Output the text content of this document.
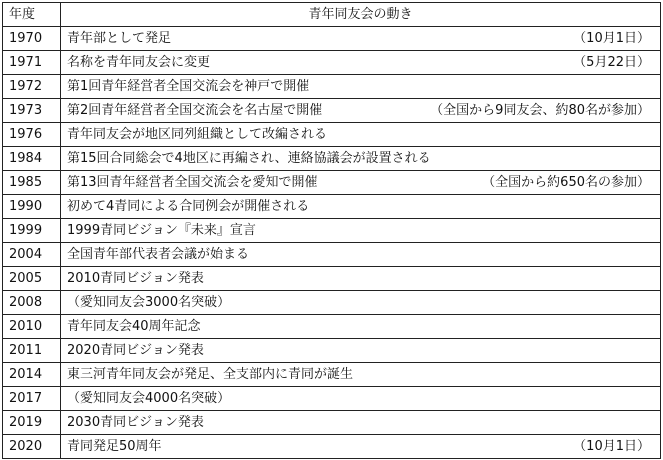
年度	青年同友会の動き
1970	青年部として発足 （10月1日）

1971	名称を青年同友会に変更 （5月22日）

1972	第1回青年経営者全国交流会を神戸で開催

1973	第2回青年経営者全国交流会を名古屋で開催 （全国から9同友会、約80名が参加）

1976	青年同友会が地区同列組織として改編される

1984	第15回合同総会で4地区に再編され、連絡協議会が設置される

1985	第13回青年経営者全国交流会を愛知で開催 （全国から約650名の参加）

1990	初めて4青同による合同例会が開催される

1999	1999青同ビジョン『未来』宣言

2004	全国青年部代表者会議が始まる

2005	2010青同ビジョン発表

2008	（愛知同友会3000名突破）

2010	青年同友会40周年記念

2011	2020青同ビジョン発表

2014	東三河青年同友会が発足、全支部内に青同が誕生

2017	（愛知同友会4000名突破）

2019	2030青同ビジョン発表

2020	青同発足50周年 （10月1日）
